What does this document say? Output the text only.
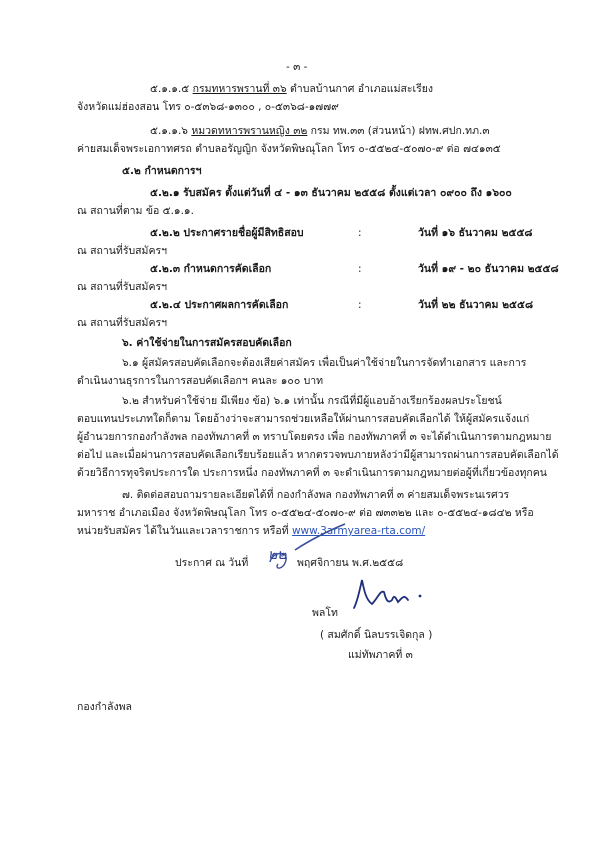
- ๓ -
๕.๑.๑.๕ กรมทหารพรานที่ ๓๖ ตำบลบ้านกาศ อำเภอแม่สะเรียง
จังหวัดแม่ฮ่องสอน โทร ๐-๕๓๖๘-๑๓๐๐ , ๐-๕๓๖๘-๑๗๗๙
๕.๑.๑.๖ หมวดทหารพรานหญิง ๓๒ กรม ทพ.๓๓ (ส่วนหน้า) ฝทพ.ศปก.ทภ.๓
ค่ายสมเด็จพระเอกาทศรถ ตำบลอรัญญิก จังหวัดพิษณุโลก โทร ๐-๕๕๒๔-๕๐๗๐-๙ ต่อ ๗๔๑๓๕
๕.๒ กำหนดการฯ
๕.๒.๑ รับสมัคร ตั้งแต่วันที่ ๔ - ๑๓ ธันวาคม ๒๕๕๘ ตั้งแต่เวลา ๐๙๐๐ ถึง ๑๖๐๐
ณ สถานที่ตาม ข้อ ๕.๑.๑.
๕.๒.๒ ประกาศรายชื่อผู้มีสิทธิสอบ	:	วันที่ ๑๖ ธันวาคม ๒๕๕๘
ณ สถานที่รับสมัครฯ
๕.๒.๓ กำหนดการคัดเลือก	:	วันที่ ๑๙ - ๒๐ ธันวาคม ๒๕๕๘
ณ สถานที่รับสมัครฯ
๕.๒.๔ ประกาศผลการคัดเลือก	:	วันที่ ๒๒ ธันวาคม ๒๕๕๘
ณ สถานที่รับสมัครฯ
๖. ค่าใช้จ่ายในการสมัครสอบคัดเลือก
๖.๑ ผู้สมัครสอบคัดเลือกจะต้องเสียค่าสมัคร เพื่อเป็นค่าใช้จ่ายในการจัดทำเอกสาร และการ
ดำเนินงานธุรการในการสอบคัดเลือกฯ คนละ ๑๐๐ บาท
๖.๒ สำหรับค่าใช้จ่าย มีเพียง ข้อ) ๖.๑ เท่านั้น กรณีที่มีผู้แอบอ้างเรียกร้องผลประโยชน์
ตอบแทนประเภทใดก็ตาม โดยอ้างว่าจะสามารถช่วยเหลือให้ผ่านการสอบคัดเลือกได้ ให้ผู้สมัครแจ้งแก่
ผู้อำนวยการกองกำลังพล กองทัพภาคที่ ๓ ทราบโดยตรง เพื่อ กองทัพภาคที่ ๓ จะได้ดำเนินการตามกฎหมาย
ต่อไป และเมื่อผ่านการสอบคัดเลือกเรียบร้อยแล้ว หากตรวจพบภายหลังว่ามีผู้สามารถผ่านการสอบคัดเลือกได้
ด้วยวิธีการทุจริตประการใด ประการหนึ่ง กองทัพภาคที่ ๓ จะดำเนินการตามกฎหมายต่อผู้ที่เกี่ยวข้องทุกคน
๗. ติดต่อสอบถามรายละเอียดได้ที่ กองกำลังพล กองทัพภาคที่ ๓ ค่ายสมเด็จพระนเรศวร
มหาราช อำเภอเมือง จังหวัดพิษณุโลก โทร ๐-๕๕๒๔-๕๐๗๐-๙ ต่อ ๗๓๓๒๒ และ ๐-๕๕๒๔-๑๘๔๒ หรือ
หน่วยรับสมัคร ได้ในวันและเวลาราชการ หรือที่ www.3armyarea-rta.com/
ประกาศ ณ วันที่ ๒๒ พฤศจิกายน พ.ศ.๒๕๕๘
พลโท
( สมศักดิ์ นิลบรรเจิดกุล )
แม่ทัพภาคที่ ๓
กองกำลังพล
